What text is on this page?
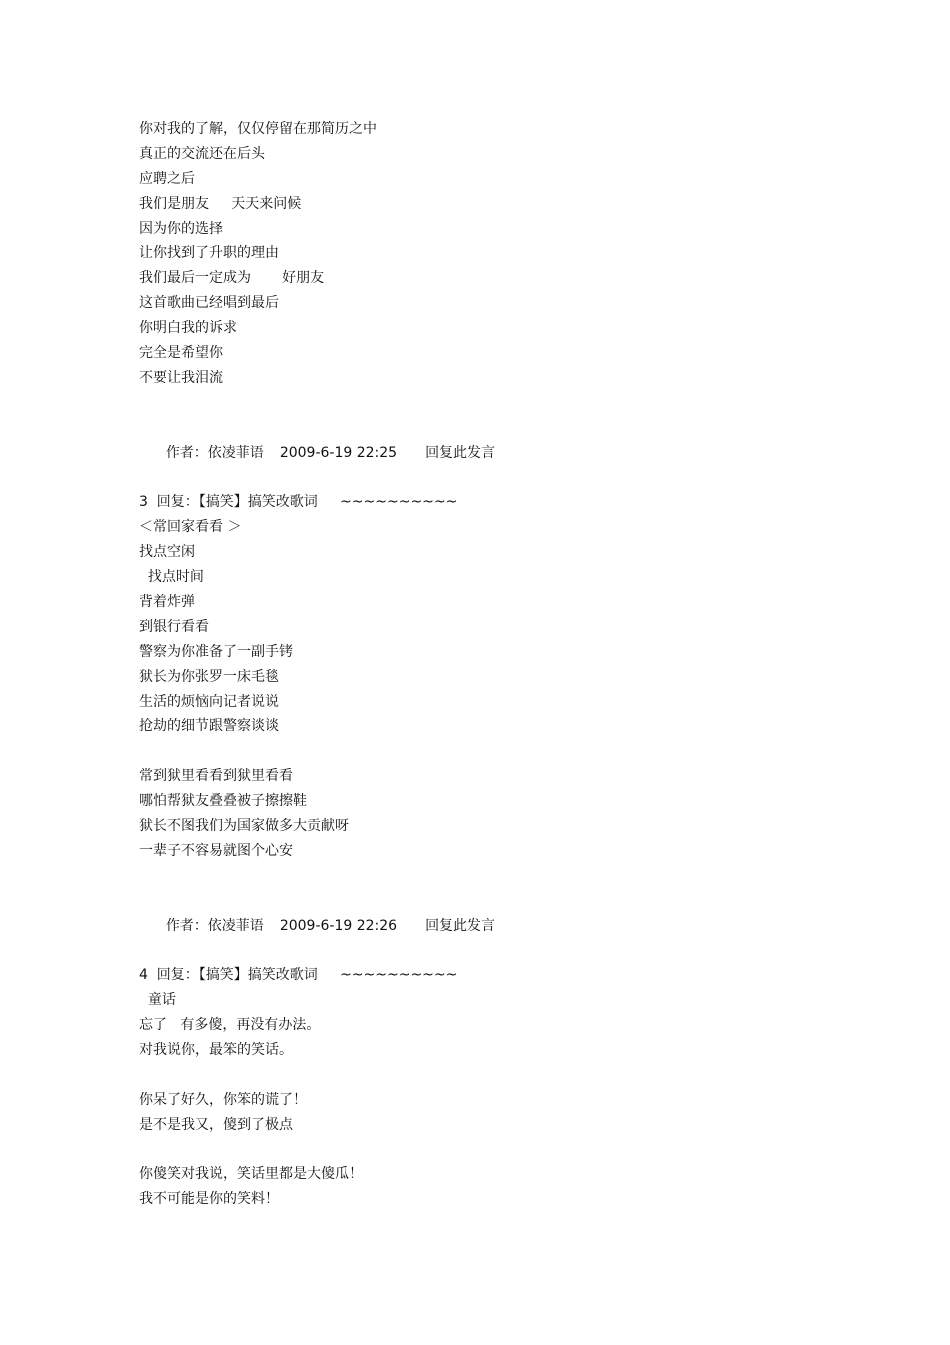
你对我的了解，仅仅停留在那简历之中
真正的交流还在后头
应聘之后
我们是朋友     天天来问候
因为你的选择
让你找到了升职的理由
我们最后一定成为       好朋友
这首歌曲已经唱到最后
你明白我的诉求
完全是希望你
不要让我泪流

作者：依凌菲语 2009-6-19 22:25 回复此发言

3  回复：【搞笑】搞笑改歌词     ~~~~~~~~~~
＜常回家看看 ＞
找点空闲
找点时间
背着炸弹
到银行看看
警察为你准备了一副手铐
狱长为你张罗一床毛毯
生活的烦恼向记者说说
抢劫的细节跟警察谈谈
常到狱里看看到狱里看看
哪怕帮狱友叠叠被子擦擦鞋
狱长不图我们为国家做多大贡献呀
一辈子不容易就图个心安

作者：依凌菲语 2009-6-19 22:26 回复此发言

4  回复：【搞笑】搞笑改歌词     ~~~~~~~~~~
童话
忘了   有多傻，再没有办法。
对我说你，最笨的笑话。
你呆了好久，你笨的谎了！
是不是我又，傻到了极点
你傻笑对我说，笑话里都是大傻瓜！
我不可能是你的笑料！
